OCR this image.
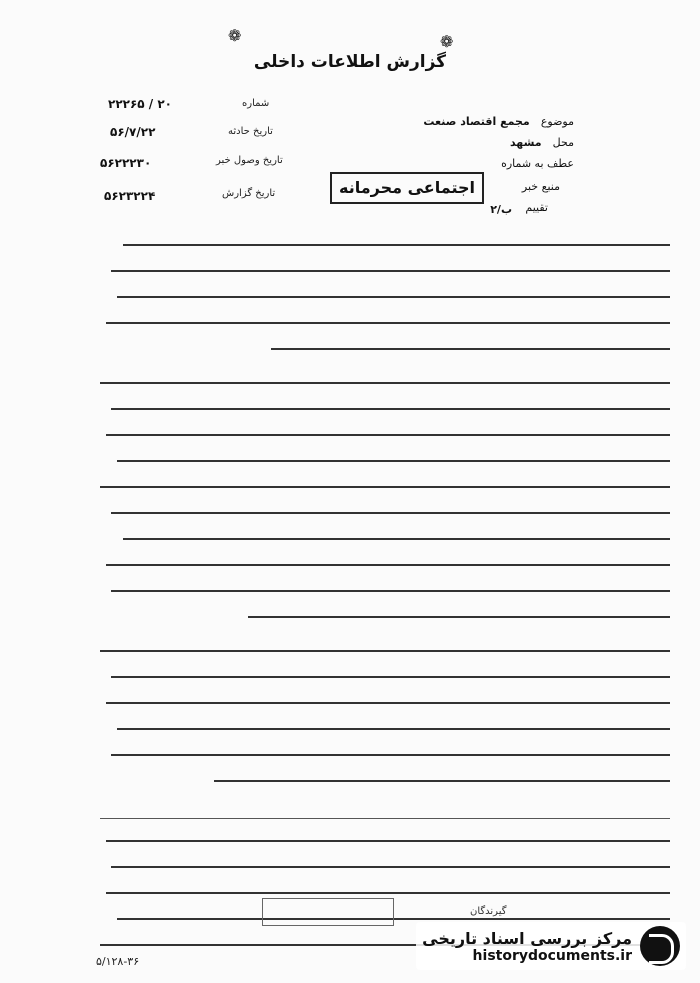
❁	❁
گزارش اطلاعات داخلی
شماره
۲۲۲۶۵ / ۲۰
تاریخ حادثه
۵۶/۷/۲۲
تاریخ وصول خبر
۵۶۲۲۲۳۰
تاریخ گزارش
۵۶۲۳۲۲۴
موضوع مجمع اقتصاد صنعت
محل مشهد
عطف به شماره
منبع خبر
اجتماعی محرمانه
تقییم
ب/۲
گیرندگان
۵/۱۲۸-۳۶
مرکز بررسی اسناد تاریخی
historydocuments.ir
